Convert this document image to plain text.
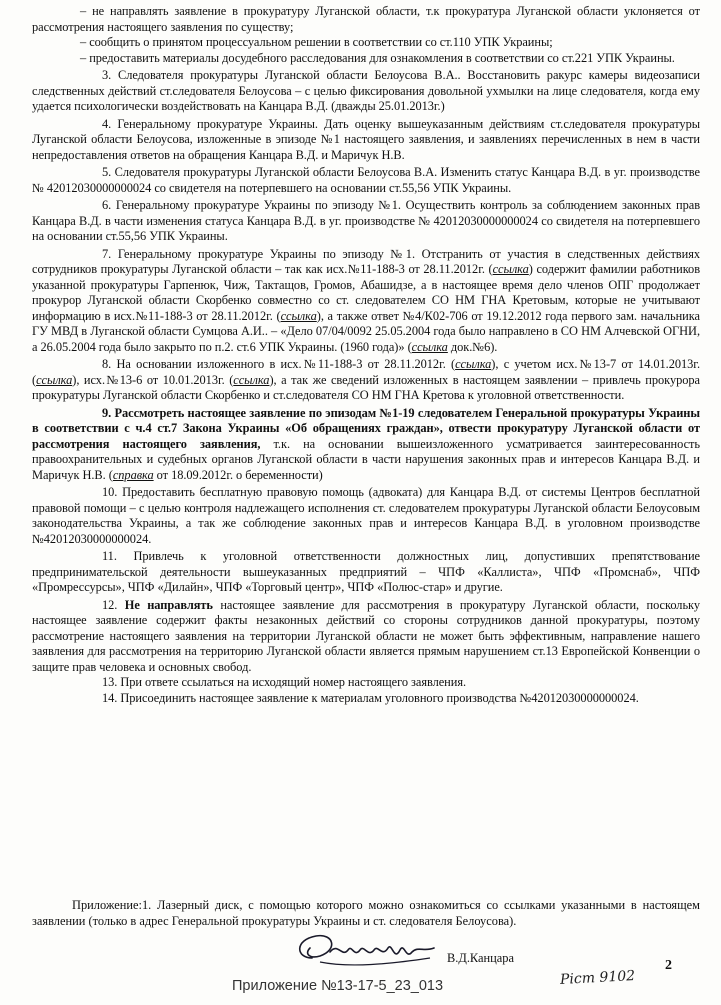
– не направлять заявление в прокуратуру Луганской области, т.к прокуратура Луганской области уклоняется от рассмотрения настоящего заявления по существу;

– сообщить о принятом процессуальном решении в соответствии со ст.110 УПК Украины;

– предоставить материалы досудебного расследования для ознакомления в соответствии со ст.221 УПК Украины.

3. Следователя прокуратуры Луганской области Белоусова В.А.. Восстановить ракурс камеры видеозаписи следственных действий ст.следователя Белоусова – с целью фиксирования довольной ухмылки на лице следователя, когда ему удается психологически воздействовать на Канцара В.Д. (дважды 25.01.2013г.)

4. Генеральному прокуратуре Украины. Дать оценку вышеуказанным действиям ст.следователя прокуратуры Луганской области Белоусова, изложенные в эпизоде №1 настоящего заявления, и заявлениях перечисленных в нем в части непредоставления ответов на обращения Канцара В.Д. и Маричук Н.В.

5. Следователя прокуратуры Луганской области Белоусова В.А. Изменить статус Канцара В.Д. в уг. производстве № 42012030000000024 со свидетеля на потерпевшего на основании ст.55,56 УПК Украины.

6. Генеральному прокуратуре Украины по эпизоду №1. Осуществить контроль за соблюдением законных прав Канцара В.Д. в части изменения статуса Канцара В.Д. в уг. производстве № 42012030000000024 со свидетеля на потерпевшего на основании ст.55,56 УПК Украины.

7. Генеральному прокуратуре Украины по эпизоду №1. Отстранить от участия в следственных действиях сотрудников прокуратуры Луганской области – так как исх.№11-188-3 от 28.11.2012г. (ссылка) содержит фамилии работников указанной прокуратуры Гарпенюк, Чиж, Тактащов, Громов, Абашидзе, а в настоящее время дело членов ОПГ продолжает прокурор Луганской области Скорбенко совместно со ст. следователем СО НМ ГНА Кретовым, которые не учитывают информацию в исх.№11-188-3 от 28.11.2012г. (ссылка), а также ответ №4/К02-706 от 19.12.2012 года первого зам. начальника ГУ МВД в Луганской области Сумцова А.И.. – «Дело 07/04/0092 25.05.2004 года было направлено в СО НМ Алчевской ОГНИ, а 26.05.2004 года было закрыто по п.2. ст.6 УПК Украины. (1960 года)» (ссылка док.№6).

8. На основании изложенного в исх.№11-188-3 от 28.11.2012г. (ссылка), с учетом исх.№13-7 от 14.01.2013г. (ссылка), исх.№13-6 от 10.01.2013г. (ссылка), а так же сведений изложенных в настоящем заявлении – привлечь прокурора прокуратуры Луганской области Скорбенко и ст.следователя СО НМ ГНА Кретова к уголовной ответственности.

9. Рассмотреть настоящее заявление по эпизодам №1-19 следователем Генеральной прокуратуры Украины в соответствии с ч.4 ст.7 Закона Украины «Об обращениях граждан», отвести прокуратуру Луганской области от рассмотрения настоящего заявления, т.к. на основании вышеизложенного усматривается заинтересованность правоохранительных и судебных органов Луганской области в части нарушения законных прав и интересов Канцара В.Д. и Маричук Н.В. (справка от 18.09.2012г. о беременности)

10. Предоставить бесплатную правовую помощь (адвоката) для Канцара В.Д. от системы Центров бесплатной правовой помощи – с целью контроля надлежащего исполнения ст. следователем прокуратуры Луганской области Белоусовым законодательства Украины, а так же соблюдение законных прав и интересов Канцара В.Д. в уголовном производстве №42012030000000024.

11. Привлечь к уголовной ответственности должностных лиц, допустивших препятствование предпринимательской деятельности вышеуказанных предприятий – ЧПФ «Каллиста», ЧПФ «Промснаб», ЧПФ «Промрессурсы», ЧПФ «Дилайн», ЧПФ «Торговый центр», ЧПФ «Полюс-стар» и другие.

12. Не направлять настоящее заявление для рассмотрения в прокуратуру Луганской области, поскольку настоящее заявление содержит факты незаконных действий со стороны сотрудников данной прокуратуры, поэтому рассмотрение настоящего заявления на территории Луганской области не может быть эффективным, направление нашего заявления для рассмотрения на территорию Луганской области является прямым нарушением ст.13 Европейской Конвенции о защите прав человека и основных свобод.

13. При ответе ссылаться на исходящий номер настоящего заявления.

14. Присоединить настоящее заявление к материалам уголовного производства №42012030000000024.

Приложение:1. Лазерный диск, с помощью которого можно ознакомиться со ссылками указанными в настоящем заявлении (только в адрес Генеральной прокуратуры Украины и ст. следователя Белоусова).

В.Д.Канцара	2
Ріст 9102
Приложение №13-17-5_23_013
